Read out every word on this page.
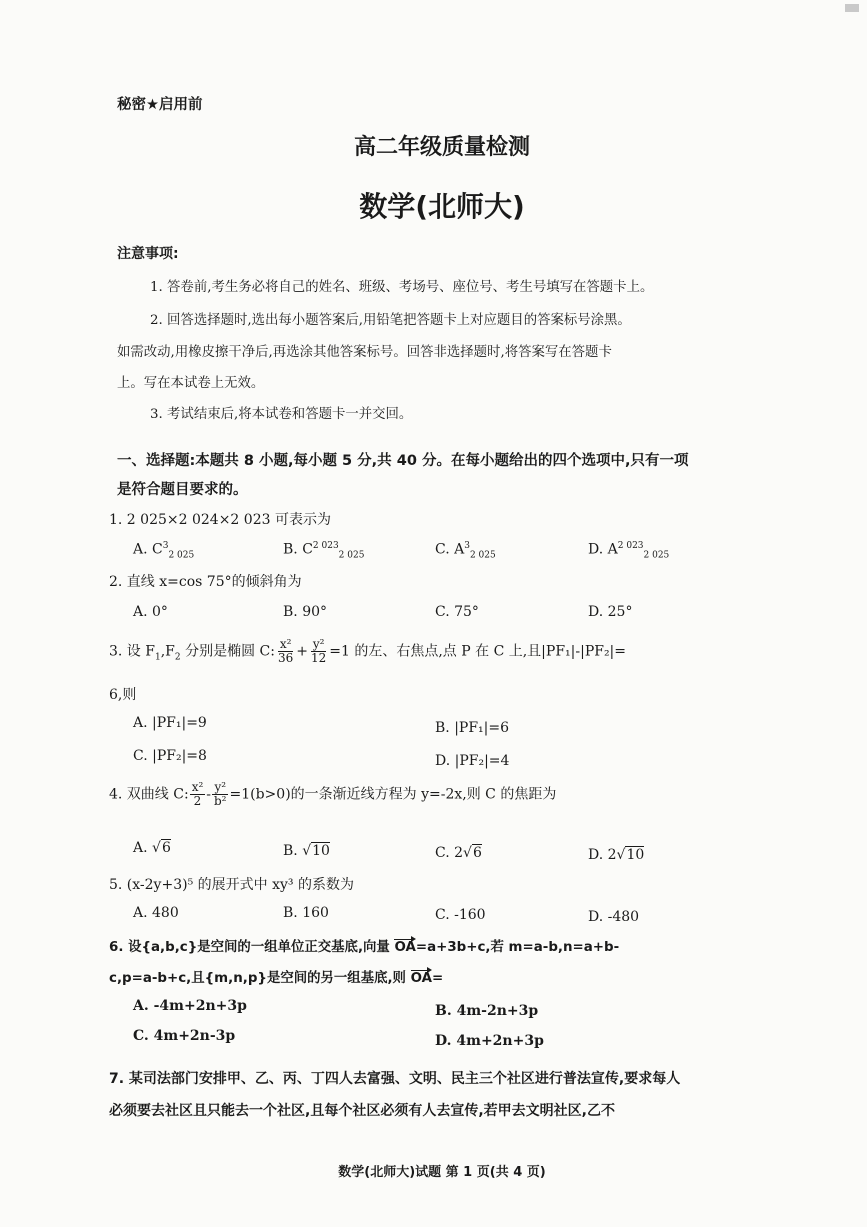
秘密★启用前
高二年级质量检测
数学(北师大)
注意事项:
1. 答卷前,考生务必将自己的姓名、班级、考场号、座位号、考生号填写在答题卡上。
2. 回答选择题时,选出每小题答案后,用铅笔把答题卡上对应题目的答案标号涂黑。
如需改动,用橡皮擦干净后,再选涂其他答案标号。回答非选择题时,将答案写在答题卡
上。写在本试卷上无效。
3. 考试结束后,将本试卷和答题卡一并交回。
一、选择题:本题共 8 小题,每小题 5 分,共 40 分。在每小题给出的四个选项中,只有一项
是符合题目要求的。
1. 2 025×2 024×2 023 可表示为
A. $C^3_{2 025}$	B. $C^{2 023}_{2 025}$	C. $A^3_{2 025}$	D. $A^{2 023}_{2 025}$
2. 直线 x=cos 75°的倾斜角为
A. 0°	B. 90°	C. 75°	D. 25°
3. 设 $F_1,F_2$ 分别是椭圆 C: $\frac{\text{x²}}{36} + \frac{\text{y²}}{12} =1$ 的左、右焦点,点 P 在 C 上,且|PF₁|-|PF₂|=
6,则
A. |PF₁|=9	B. |PF₁|=6
C. |PF₂|=8	D. |PF₂|=4
4. 双曲线 C: $\frac{\text{x²}}{2} - \frac{\text{y²}}{\text{b²}} =1(b>0)$的一条渐近线方程为 y=-2x,则 C 的焦距为
A. √6	B. √10	C. 2√6	D. 2√10
5. (x-2y+3)⁵ 的展开式中 xy³ 的系数为
A. 480	B. 160	C. -160	D. -480
6. 设{a,b,c}是空间的一组单位正交基底,向量 OA=a+3b+c,若 m=a-b,n=a+b-
c,p=a-b+c,且{m,n,p}是空间的另一组基底,则 OA=
A. -4m+2n+3p	B. 4m-2n+3p
C. 4m+2n-3p	D. 4m+2n+3p
7. 某司法部门安排甲、乙、丙、丁四人去富强、文明、民主三个社区进行普法宣传,要求每人
必须要去社区且只能去一个社区,且每个社区必须有人去宣传,若甲去文明社区,乙不
数学(北师大)试题 第 1 页(共 4 页)
